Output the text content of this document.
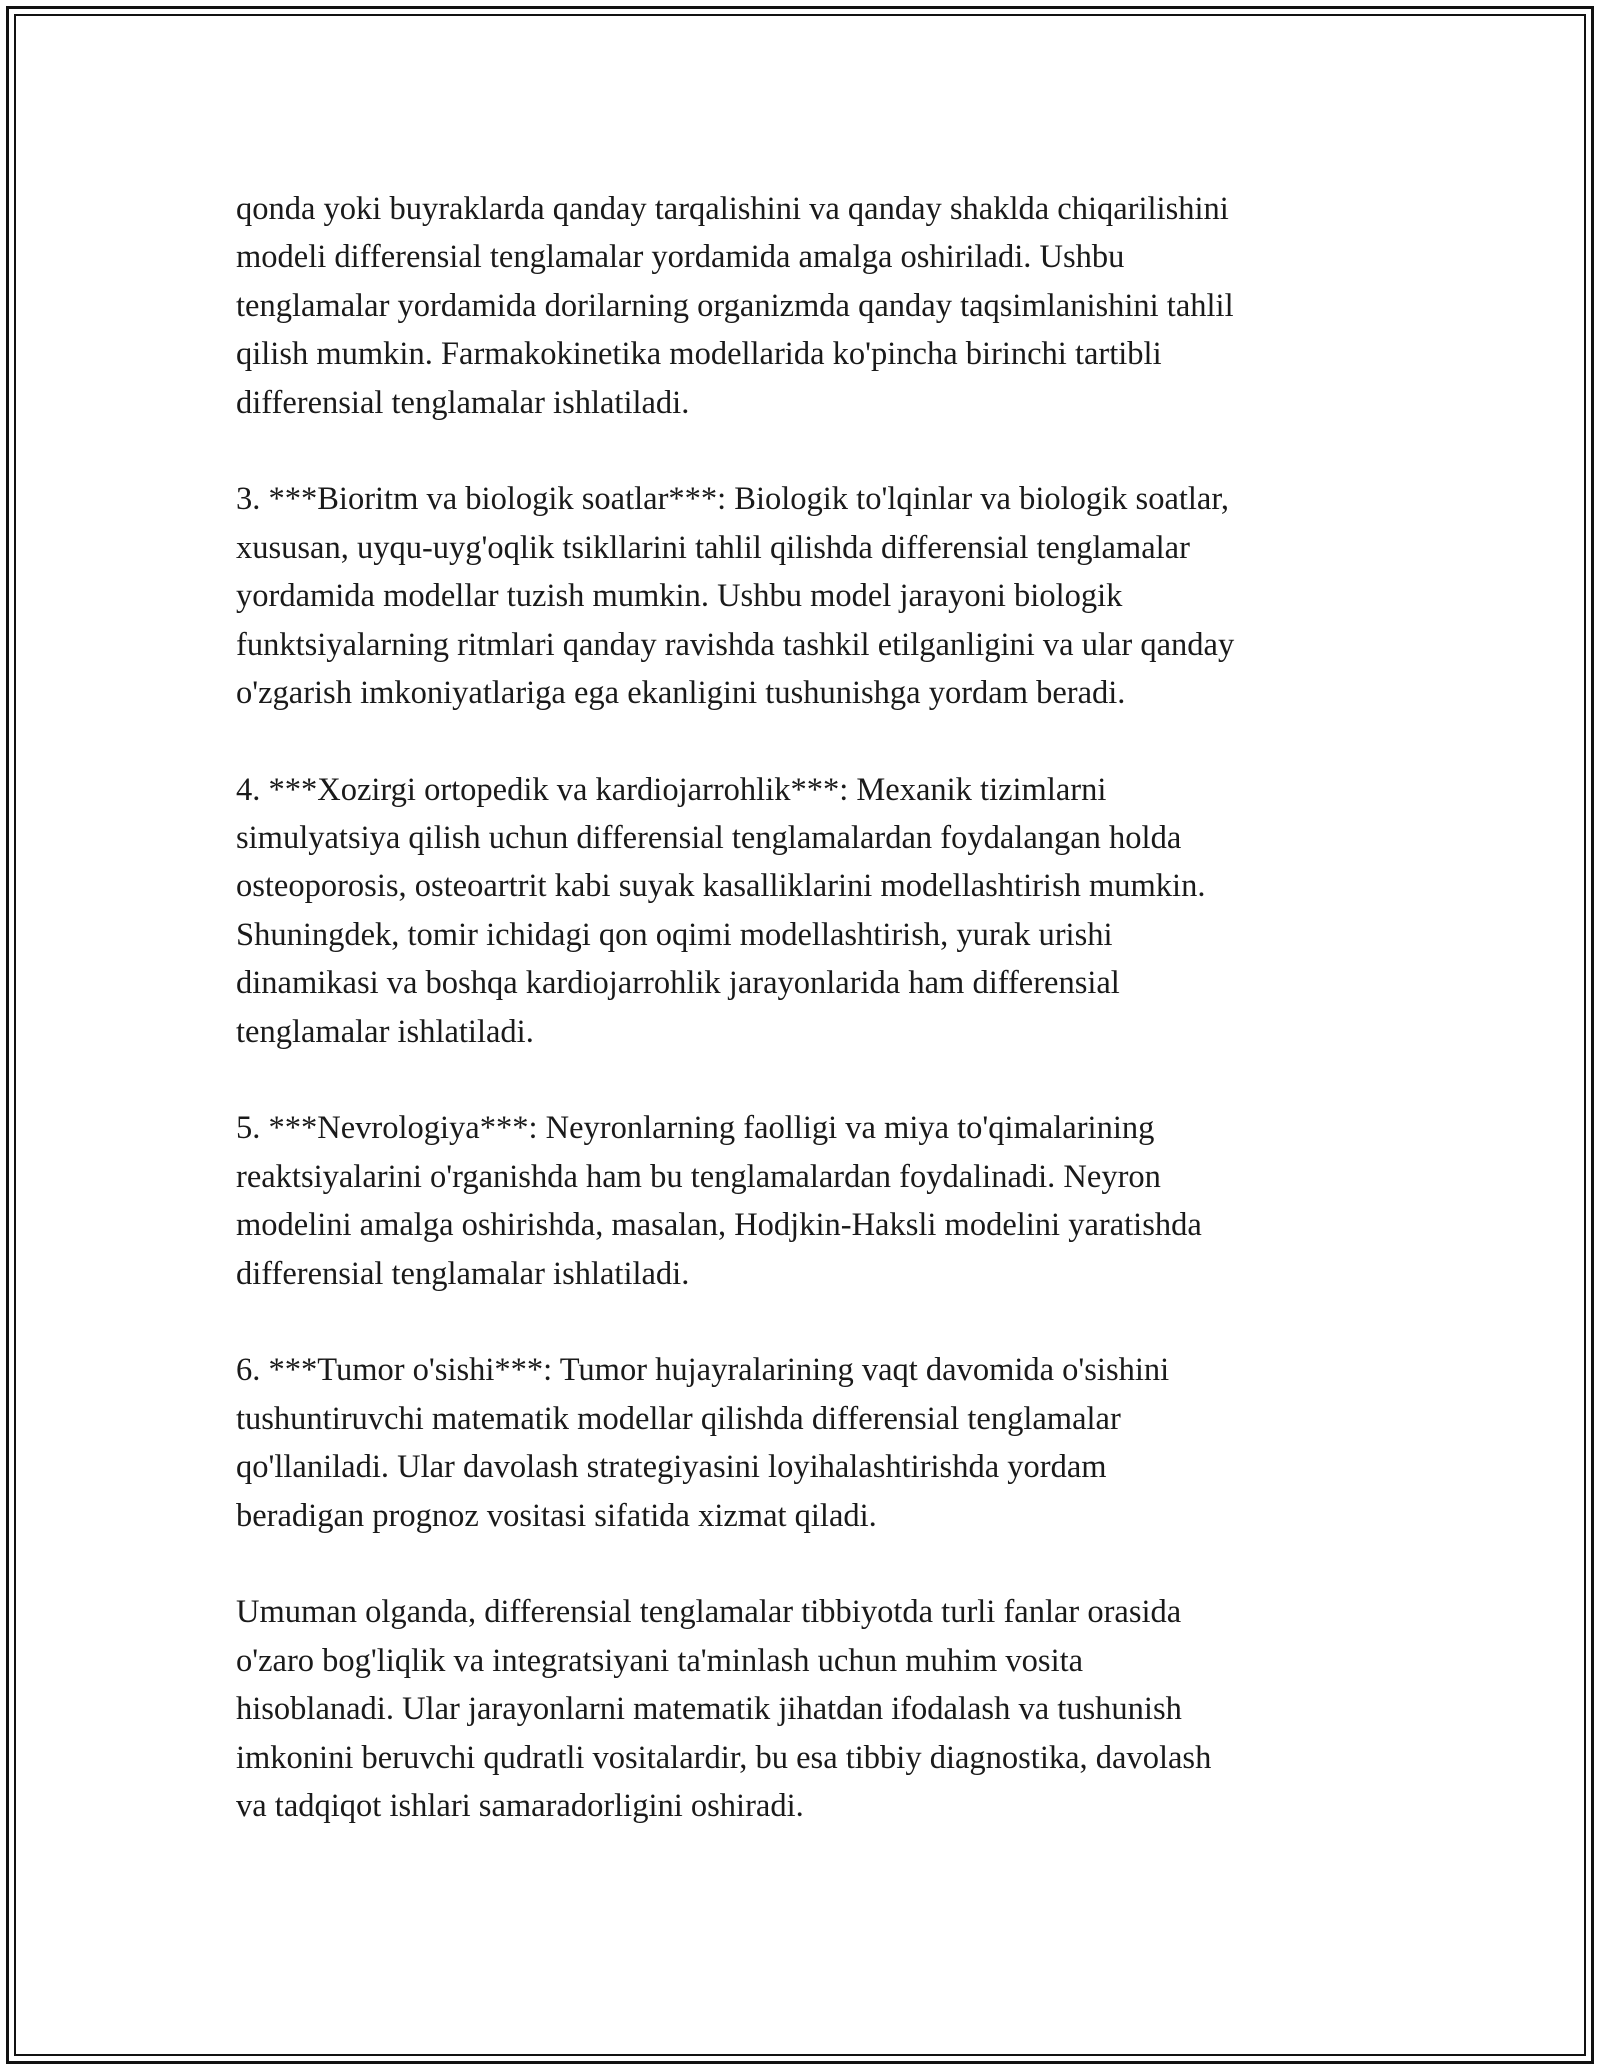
qonda yoki buyraklarda qanday tarqalishini va qanday shaklda chiqarilishini
modeli differensial tenglamalar yordamida amalga oshiriladi. Ushbu
tenglamalar yordamida dorilarning organizmda qanday taqsimlanishini tahlil
qilish mumkin. Farmakokinetika modellarida ko'pincha birinchi tartibli
differensial tenglamalar ishlatiladi.

3. ***Bioritm va biologik soatlar***: Biologik to'lqinlar va biologik soatlar,
xususan, uyqu-uyg'oqlik tsikllarini tahlil qilishda differensial tenglamalar
yordamida modellar tuzish mumkin. Ushbu model jarayoni biologik
funktsiyalarning ritmlari qanday ravishda tashkil etilganligini va ular qanday
o'zgarish imkoniyatlariga ega ekanligini tushunishga yordam beradi.

4. ***Xozirgi ortopedik va kardiojarrohlik***: Mexanik tizimlarni
simulyatsiya qilish uchun differensial tenglamalardan foydalangan holda
osteoporosis, osteoartrit kabi suyak kasalliklarini modellashtirish mumkin.
Shuningdek, tomir ichidagi qon oqimi modellashtirish, yurak urishi
dinamikasi va boshqa kardiojarrohlik jarayonlarida ham differensial
tenglamalar ishlatiladi.

5. ***Nevrologiya***: Neyronlarning faolligi va miya to'qimalarining
reaktsiyalarini o'rganishda ham bu tenglamalardan foydalinadi. Neyron
modelini amalga oshirishda, masalan, Hodjkin-Haksli modelini yaratishda
differensial tenglamalar ishlatiladi.

6. ***Tumor o'sishi***: Tumor hujayralarining vaqt davomida o'sishini
tushuntiruvchi matematik modellar qilishda differensial tenglamalar
qo'llaniladi. Ular davolash strategiyasini loyihalashtirishda yordam
beradigan prognoz vositasi sifatida xizmat qiladi.

Umuman olganda, differensial tenglamalar tibbiyotda turli fanlar orasida
o'zaro bog'liqlik va integratsiyani ta'minlash uchun muhim vosita
hisoblanadi. Ular jarayonlarni matematik jihatdan ifodalash va tushunish
imkonini beruvchi qudratli vositalardir, bu esa tibbiy diagnostika, davolash
va tadqiqot ishlari samaradorligini oshiradi.
